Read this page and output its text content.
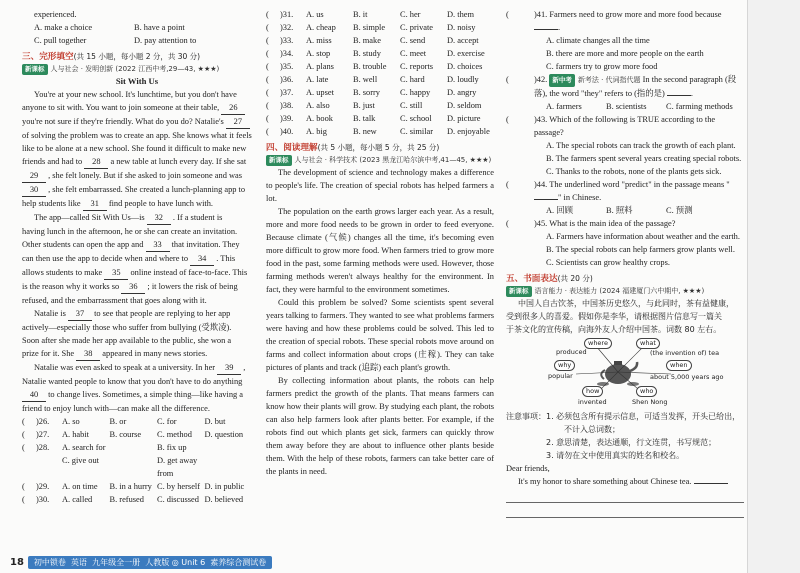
experienced.
A. make a choice	B. have a point
C. pull together	D. pay attention to
三、完形填空(共 15 小题，每小题 2 分，共 30 分)
新课标 人与社会 · 发明创新 (2022 江西中考,29—43, ★★★)
Sit With Us
You're at your new school. It's lunchtime, but you don't have
anyone to sit with. You want to join someone at their table, 26
you're not sure if they're friendly. What do you do? Natalie's 27
of solving the problem was to create an app. She knows what it feels
like to be alone at a new school. She found it difficult to make new
friends and had to 28 a new table at lunch every day. If she sat
29 , she felt lonely. But if she asked to join someone and was
30 , she felt embarrassed. She created a lunch-planning app to
help students like 31 find people to have lunch with.
The app—called Sit With Us—is 32 . If a student is
having lunch in the afternoon, he or she can create an invitation.
Other students can open the app and 33 that invitation. They
can then use the app to decide when and where to 34 . This
allows students to make 35 online instead of face-to-face. This
is the reason why it works so 36 ; it lowers the risk of being
refused, and the embarrassment that goes along with it.
Natalie is 37 to see that people are replying to her app
actively—especially those who suffer from bullying (受欺凌).
Soon after she made her app available to the public, she won a
prize for it. She 38 appeared in many news stories.
Natalie was even asked to speak at a university. In her 39 ,
Natalie wanted people to know that you don't have to do anything
40 to change lives. Sometimes, a simple thing—like having a
friend to enjoy lunch with—can make all the difference.
(	)26.	A. so	B. or	C. for	D. but
(	)27.	A. habit	B. course	C. method	D. question
(	)28.	A. search for	B. fix up
C. give out	D. get away from
(	)29.	A. on time	B. in a hurry C. by herself D. in public
(	)30.	A. called	B. refused	C. discussed D. believed
(	)31.	A. us	B. it	C. her	D. them
(	)32.	A. cheap	B. simple	C. private	D. noisy
(	)33.	A. miss	B. make	C. send	D. accept
(	)34.	A. stop	B. study	C. meet	D. exercise
(	)35.	A. plans	B. trouble	C. reports	D. choices
(	)36.	A. late	B. well	C. hard	D. loudly
(	)37.	A. upset	B. sorry	C. happy	D. angry
(	)38.	A. also	B. just	C. still	D. seldom
(	)39.	A. book	B. talk	C. school	D. picture
(	)40.	A. big	B. new	C. similar	D. enjoyable
四、阅读理解(共 5 小题，每小题 5 分，共 25 分)
新课标 人与社会 · 科学技术 (2023 黑龙江哈尔滨中考,41—45, ★★★)

The development of science and technology makes a difference to people's life. The creation of special robots has helped farmers a lot.

The population on the earth grows larger each year. As a result, more and more food needs to be grown in order to feed everyone. Because climate (气候) changes all the time, it's becoming even more difficult to grow more food. When farmers tried to grow more food in the past, some farming methods were used. However, those farming methods weren't always healthy for the environment. In fact, they were harmful to the environment sometimes.

Could this problem be solved? Some scientists spent several years talking to farmers. They wanted to see what problems farmers were having and how these problems could be solved. This led to the creation of special robots. These special robots move around on farms and collect information about crops (庄稼). They can take pictures of plants and track (追踪) each plant's growth.

By collecting information about plants, the robots can help farmers predict the growth of the plants. That means farmers can know how their plants will grow. By studying each plant, the robots can also help farmers look after plants better. For example, if the robots find out which plants get sick, farmers can quickly throw them away before they are about to influence other plants beside them. With the help of these robots, farmers can take better care of the plants in need.

(	)41. Farmers need to grow more and more food because .
A. climate changes all the time
B. there are more and more people on the earth
C. farmers try to grow more food
(	)42. 新中考 新考法 · 代词指代题 In the second paragraph (段落), the word "they" refers to (指的是)	.
A. farmers	B. scientists	C. farming methods
(	)43. Which of the following is TRUE according to the passage?
A. The special robots can track the growth of each plant.
B. The farmers spent several years creating special robots.
C. Thanks to the robots, none of the plants gets sick.
(	)44. The underlined word "predict" in the passage means "" in Chinese.
A. 回顾	B. 照料	C. 预测
(	)45. What is the main idea of the passage?
A. Farmers have information about weather and the earth.
B. The special robots can help farmers grow plants well.
C. Scientists can grow healthy crops.
五、书面表达(共 20 分)
新课标 语言能力 · 表达能力 (2024 福建厦门六中期中, ★★★)
中国人自古饮茶，中国茶历史悠久，与此同时，茶有益健康，
受到很多人的喜爱。假如你是李华，请根据图片信息写一篇关
于茶文化的宣传稿，向海外友人介绍中国茶。词数 80 左右。
where	what
produced	(the invention of) tea
why	when
popular	about 5,000 years ago
how	who
invented	Shen Nong
注意事项： 1. 必须包含所有提示信息，可适当发挥，开头已给出，
不计入总词数；
2. 意思清楚，表达通顺，行文连贯，书写规范；
3. 请勿在文中使用真实的姓名和校名。
Dear friends,
It's my honor to share something about Chinese tea.
18	初中锁卷 英语 九年级全一册 人教版 ◎ Unit 6 素养综合测试卷
